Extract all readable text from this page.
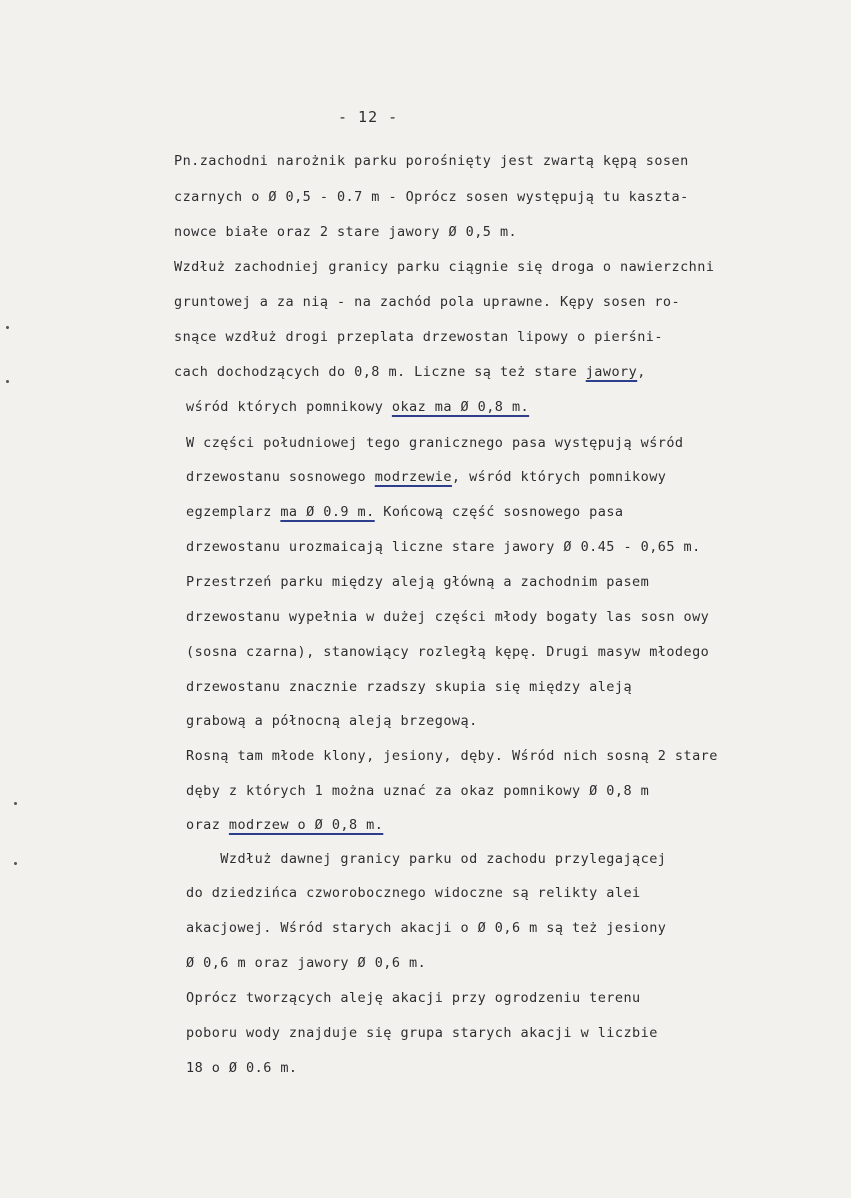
- 12 -
Pn.zachodni narożnik parku porośnięty jest zwartą kępą sosen
czarnych o Ø 0,5 - 0.7 m - Oprócz sosen występują tu kaszta-
nowce białe oraz 2 stare jawory Ø 0,5 m.
Wzdłuż zachodniej granicy parku ciągnie się droga o nawierzchni
gruntowej a za nią - na zachód pola uprawne. Kępy sosen ro-
snące wzdłuż drogi przeplata drzewostan lipowy o pierśni-
cach dochodzących do 0,8 m. Liczne są też stare jawory,
wśród których pomnikowy okaz ma Ø 0,8 m.
W części południowej tego granicznego pasa występują wśród
drzewostanu sosnowego modrzewie, wśród których pomnikowy
egzemplarz ma Ø 0.9 m. Końcową część sosnowego pasa
drzewostanu urozmaicają liczne stare jawory Ø 0.45 - 0,65 m.
Przestrzeń parku między aleją główną a zachodnim pasem
drzewostanu wypełnia w dużej części młody bogaty las sosn owy
(sosna czarna), stanowiący rozległą kępę. Drugi masyw młodego
drzewostanu znacznie rzadszy skupia się między aleją
grabową a północną aleją brzegową.
Rosną tam młode klony, jesiony, dęby. Wśród nich sosną 2 stare
dęby z których 1 można uznać za okaz pomnikowy Ø 0,8 m
oraz modrzew o Ø 0,8 m.
Wzdłuż dawnej granicy parku od zachodu przylegającej
do dziedzińca czworobocznego widoczne są relikty alei
akacjowej. Wśród starych akacji o Ø 0,6 m są też jesiony
Ø 0,6 m oraz jawory Ø 0,6 m.
Oprócz tworzących aleję akacji przy ogrodzeniu terenu
poboru wody znajduje się grupa starych akacji w liczbie
18 o Ø 0.6 m.
